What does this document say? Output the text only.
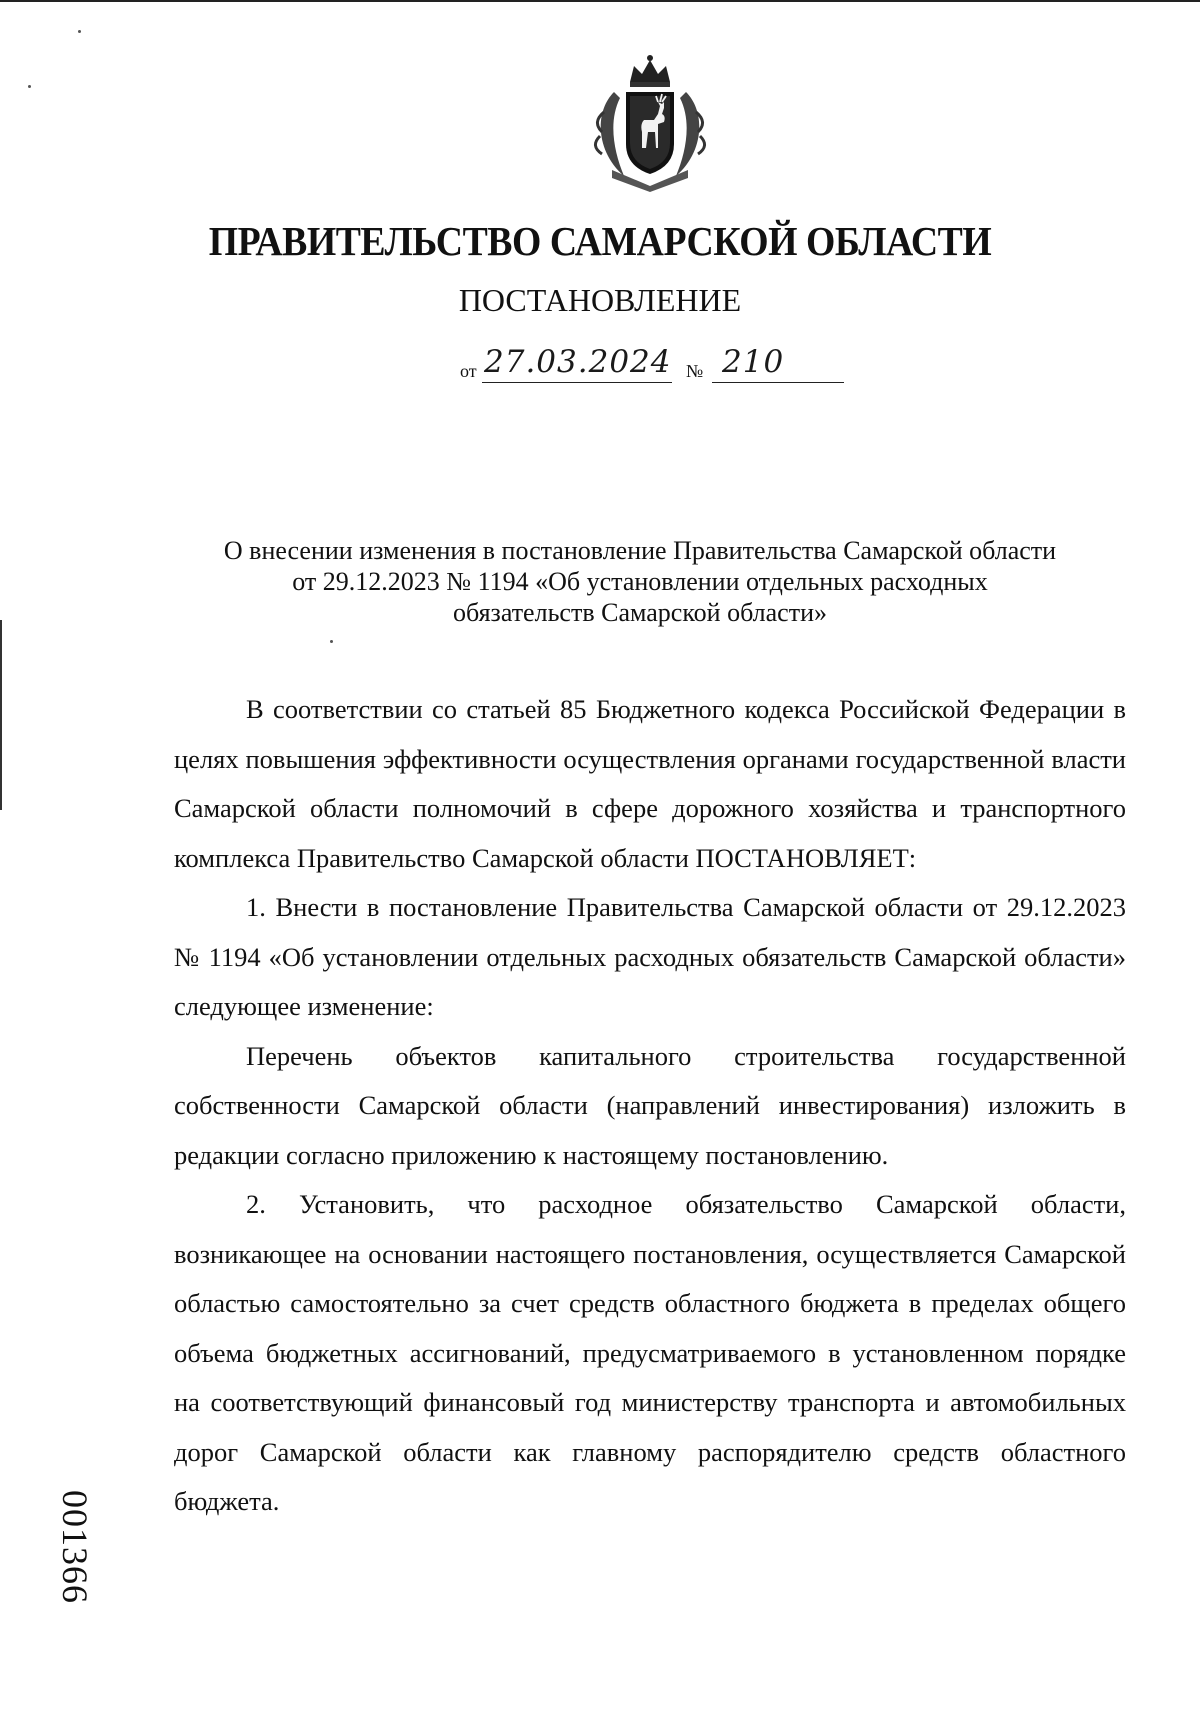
ПРАВИТЕЛЬСТВО САМАРСКОЙ ОБЛАСТИ
ПОСТАНОВЛЕНИЕ
от 27.03.2024 № 210
О внесении изменения в постановление Правительства Самарской области
от 29.12.2023 № 1194 «Об установлении отдельных расходных
обязательств Самарской области»

В соответствии со статьей 85 Бюджетного кодекса Российской Федерации в целях повышения эффективности осуществления органами государственной власти Самарской области полномочий в сфере дорожного хозяйства и транспортного комплекса Правительство Самарской области ПОСТАНОВЛЯЕТ:

1. Внести в постановление Правительства Самарской области от 29.12.2023 № 1194 «Об установлении отдельных расходных обязательств Самарской области» следующее изменение:

Перечень объектов капитального строительства государственной собственности Самарской области (направлений инвестирования) изложить в редакции согласно приложению к настоящему постановлению.

2. Установить, что расходное обязательство Самарской области, возникающее на основании настоящего постановления, осуществляется Самарской областью самостоятельно за счет средств областного бюджета в пределах общего объема бюджетных ассигнований, предусматриваемого в установленном порядке на соответствующий финансовый год министерству транспорта и автомобильных дорог Самарской области как главному распорядителю средств областного бюджета.

001366
